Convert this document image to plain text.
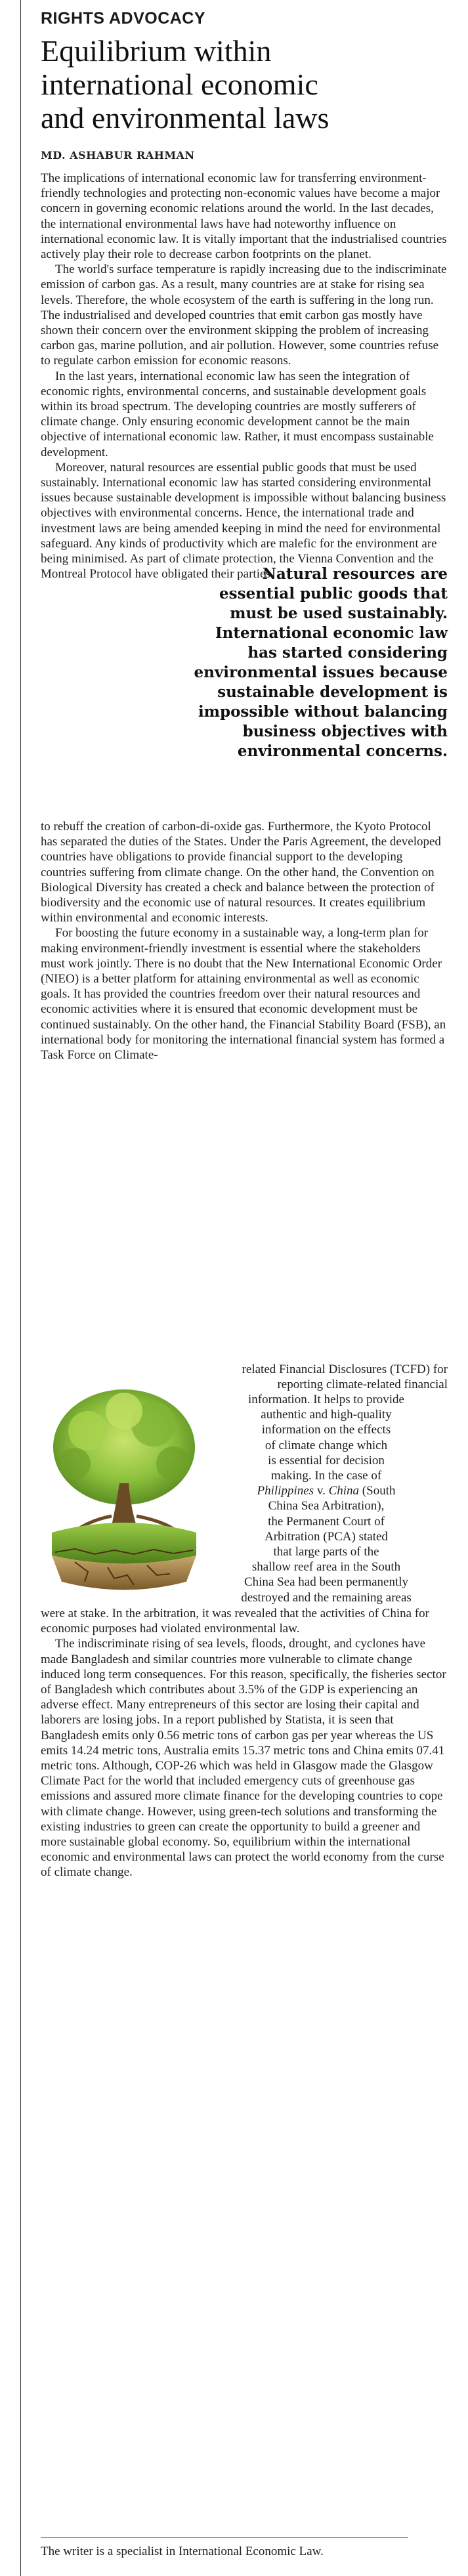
RIGHTS ADVOCACY
Equilibrium within
international economic
and environmental laws
MD. ASHABUR RAHMAN

The implications of international economic law for transferring environment-friendly technologies and protecting non-economic values have become a major concern in governing economic relations around the world. In the last decades, the international environmental laws have had noteworthy influence on international economic law. It is vitally important that the industrialised countries actively play their role to decrease carbon footprints on the planet.

The world's surface temperature is rapidly increasing due to the indiscriminate emission of carbon gas. As a result, many countries are at stake for rising sea levels. Therefore, the whole ecosystem of the earth is suffering in the long run. The industrialised and developed countries that emit carbon gas mostly have shown their concern over the environment skipping the problem of increasing carbon gas, marine pollution, and air pollution. However, some countries refuse to regulate carbon emission for economic reasons.

In the last years, international economic law has seen the integration of economic rights, environmental concerns, and sustainable development goals within its broad spectrum. The developing countries are mostly sufferers of climate change. Only ensuring economic development cannot be the main objective of international economic law. Rather, it must encompass sustainable development.

Moreover, natural resources are essential public goods that must be used sustainably. International economic law has started considering environmental issues because sustainable development is impossible without balancing business objectives with environmental concerns. Hence, the international trade and investment laws are being amended keeping in mind the need for environmental safeguard. Any kinds of productivity which are malefic for the environment are being minimised. As part of climate protection, the Vienna Convention and the Montreal Protocol have obligated their parties

Natural resources are
essential public goods that
must be used sustainably.
International economic law
has started considering
environmental issues because
sustainable development is
impossible without balancing
business objectives with
environmental concerns.

to rebuff the creation of carbon-di-oxide gas. Furthermore, the Kyoto Protocol has separated the duties of the States. Under the Paris Agreement, the developed countries have obligations to provide financial support to the developing countries suffering from climate change. On the other hand, the Convention on Biological Diversity has created a check and balance between the protection of biodiversity and the economic use of natural resources. It creates equilibrium within environmental and economic interests.

For boosting the future economy in a sustainable way, a long-term plan for making environment-friendly investment is essential where the stakeholders must work jointly. There is no doubt that the New International Economic Order (NIEO) is a better platform for attaining environmental as well as economic goals. It has provided the countries freedom over their natural resources and economic activities where it is ensured that economic development must be continued sustainably. On the other hand, the Financial Stability Board (FSB), an international body for monitoring the international financial system has formed a Task Force on Climate-

related Financial Disclosures (TCFD) for
reporting climate-related financial
information. It helps to provide
authentic and high-quality
information on the effects
of climate change which
is essential for decision
making. In the case of
Philippines v. China (South
China Sea Arbitration),
the Permanent Court of
Arbitration (PCA) stated
that large parts of the
shallow reef area in the South
China Sea had been permanently
destroyed and the remaining areas

were at stake. In the arbitration, it was revealed that the activities of China for economic purposes had violated environmental law.

The indiscriminate rising of sea levels, floods, drought, and cyclones have made Bangladesh and similar countries more vulnerable to climate change induced long term consequences. For this reason, specifically, the fisheries sector of Bangladesh which contributes about 3.5% of the GDP is experiencing an adverse effect. Many entrepreneurs of this sector are losing their capital and laborers are losing jobs. In a report published by Statista, it is seen that Bangladesh emits only 0.56 metric tons of carbon gas per year whereas the US emits 14.24 metric tons, Australia emits 15.37 metric tons and China emits 07.41 metric tons. Although, COP-26 which was held in Glasgow made the Glasgow Climate Pact for the world that included emergency cuts of greenhouse gas emissions and assured more climate finance for the developing countries to cope with climate change. However, using green-tech solutions and transforming the existing industries to green can create the opportunity to build a greener and more sustainable global economy. So, equilibrium within the international economic and environmental laws can protect the world economy from the curse of climate change.

The writer is a specialist in International Economic Law.
